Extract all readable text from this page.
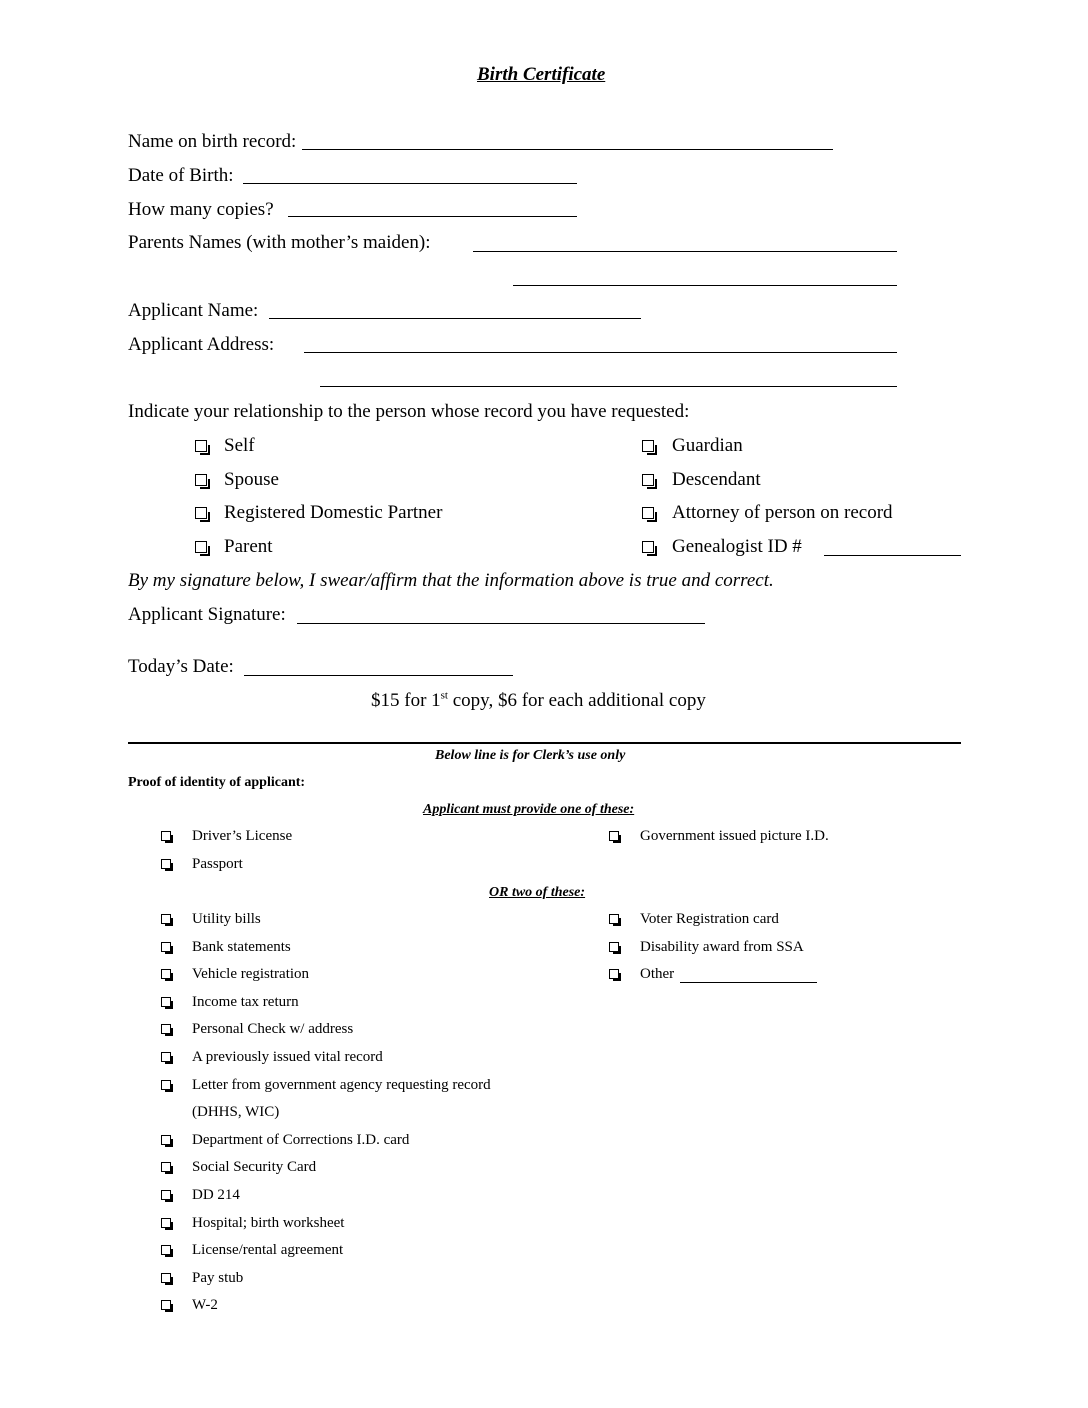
Birth Certificate
Name on birth record:
Date of Birth:
How many copies?
Parents Names (with mother’s maiden):
Applicant Name:
Applicant Address:
Indicate your relationship to the person whose record you have requested:
Self
Spouse
Registered Domestic Partner
Parent
Guardian
Descendant
Attorney of person on record
Genealogist ID #
By my signature below, I swear/affirm that the information above is true and correct.
Applicant Signature:
Today’s Date:
$15 for 1st copy, $6 for each additional copy
Below line is for Clerk’s use only
Proof of identity of applicant:
Applicant must provide one of these:
Driver’s License
Passport
Government issued picture I.D.
OR two of these:
Utility bills
Bank statements
Vehicle registration
Income tax return
Personal Check w/ address
A previously issued vital record
Letter from government agency requesting record
(DHHS, WIC)
Department of Corrections I.D. card
Social Security Card
DD 214
Hospital; birth worksheet
License/rental agreement
Pay stub
W-2
Voter Registration card
Disability award from SSA
Other
